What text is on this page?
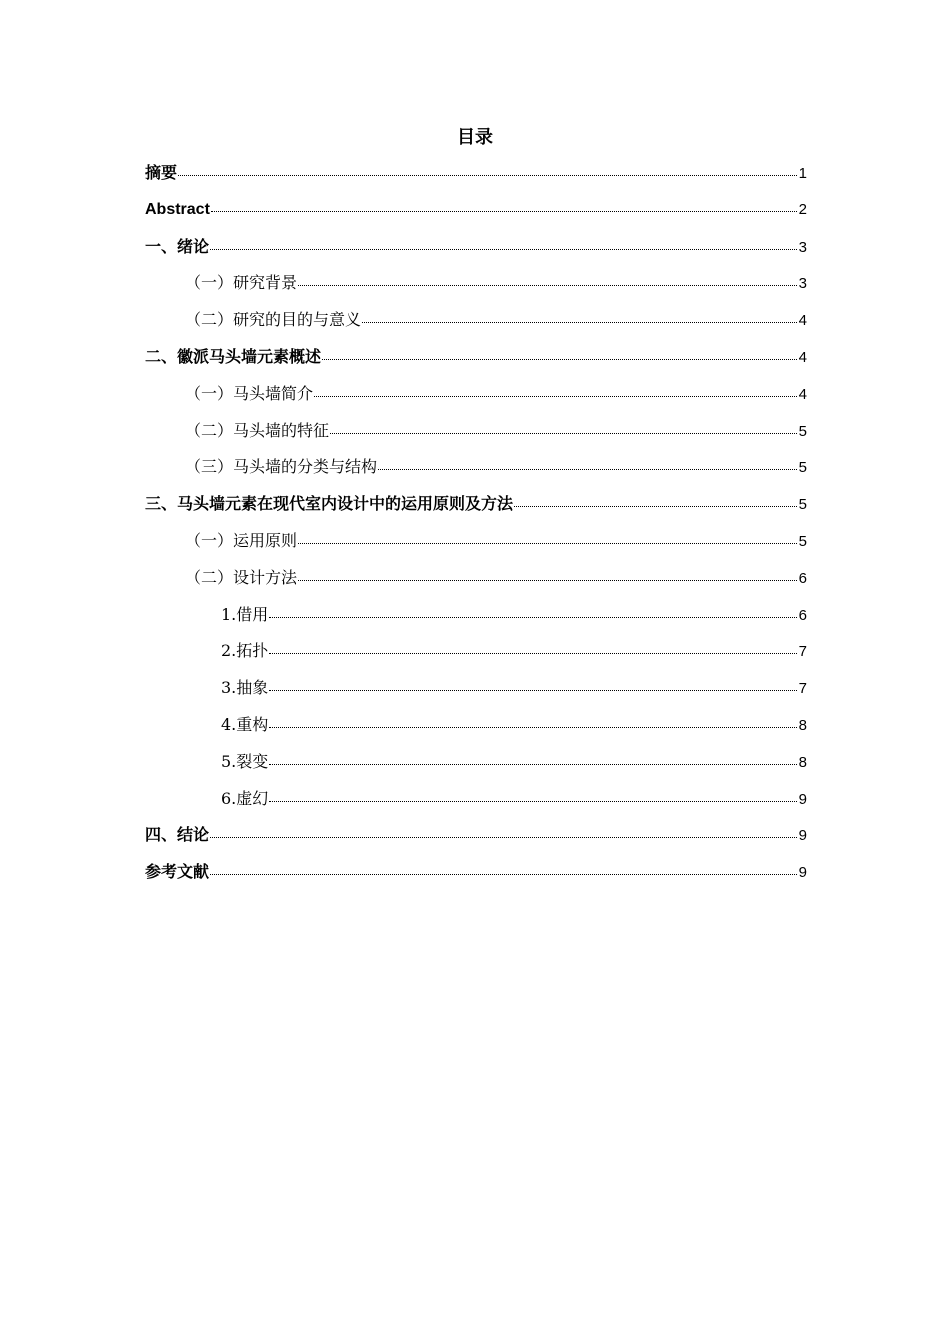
目录
摘要	1
Abstract	2
一、绪论	3
（一）研究背景	3
（二）研究的目的与意义	4
二、徽派马头墙元素概述	4
（一）马头墙简介	4
（二）马头墙的特征	5
（三）马头墙的分类与结构	5
三、马头墙元素在现代室内设计中的运用原则及方法	5
（一）运用原则	5
（二）设计方法	6
1.借用	6
2.拓扑	7
3.抽象	7
4.重构	8
5.裂变	8
6.虚幻	9
四、结论	9
参考文献	9
